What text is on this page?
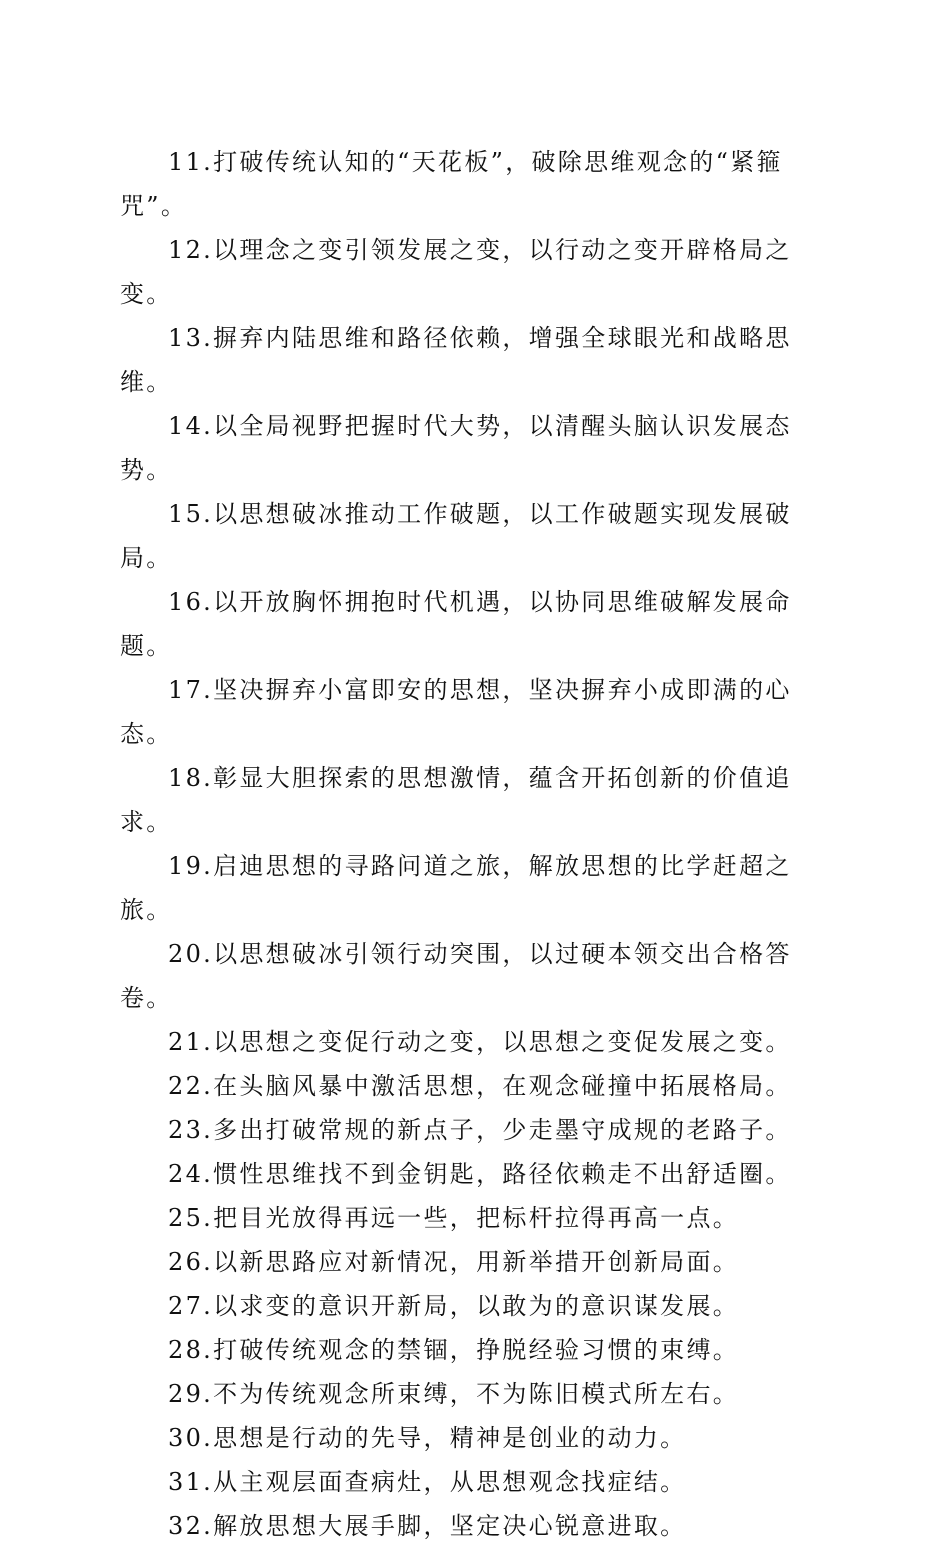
11.打破传统认知的“天花板”，破除思维观念的“紧箍咒”。

12.以理念之变引领发展之变，以行动之变开辟格局之变。

13.摒弃内陆思维和路径依赖，增强全球眼光和战略思维。

14.以全局视野把握时代大势，以清醒头脑认识发展态势。

15.以思想破冰推动工作破题，以工作破题实现发展破局。

16.以开放胸怀拥抱时代机遇，以协同思维破解发展命题。

17.坚决摒弃小富即安的思想，坚决摒弃小成即满的心态。

18.彰显大胆探索的思想激情，蕴含开拓创新的价值追求。

19.启迪思想的寻路问道之旅，解放思想的比学赶超之旅。

20.以思想破冰引领行动突围，以过硬本领交出合格答卷。

21.以思想之变促行动之变，以思想之变促发展之变。

22.在头脑风暴中激活思想，在观念碰撞中拓展格局。

23.多出打破常规的新点子，少走墨守成规的老路子。

24.惯性思维找不到金钥匙，路径依赖走不出舒适圈。

25.把目光放得再远一些，把标杆拉得再高一点。

26.以新思路应对新情况，用新举措开创新局面。

27.以求变的意识开新局，以敢为的意识谋发展。

28.打破传统观念的禁锢，挣脱经验习惯的束缚。

29.不为传统观念所束缚，不为陈旧模式所左右。

30.思想是行动的先导，精神是创业的动力。

31.从主观层面查病灶，从思想观念找症结。

32.解放思想大展手脚，坚定决心锐意进取。
